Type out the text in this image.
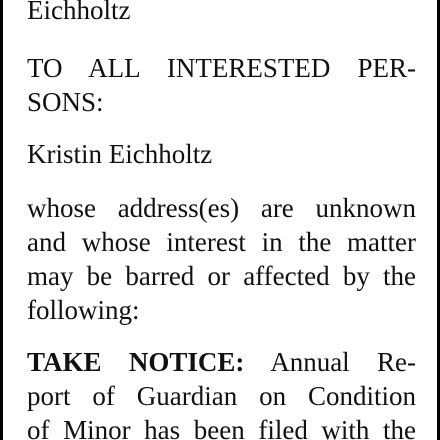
Eichholtz
TO ALL INTERESTED PER-
SONS:
Kristin Eichholtz
whose address(es) are unknown
and whose interest in the matter
may be barred or affected by the
following:
TAKE NOTICE: Annual Re-
port of Guardian on Condition
of Minor has been filed with the
